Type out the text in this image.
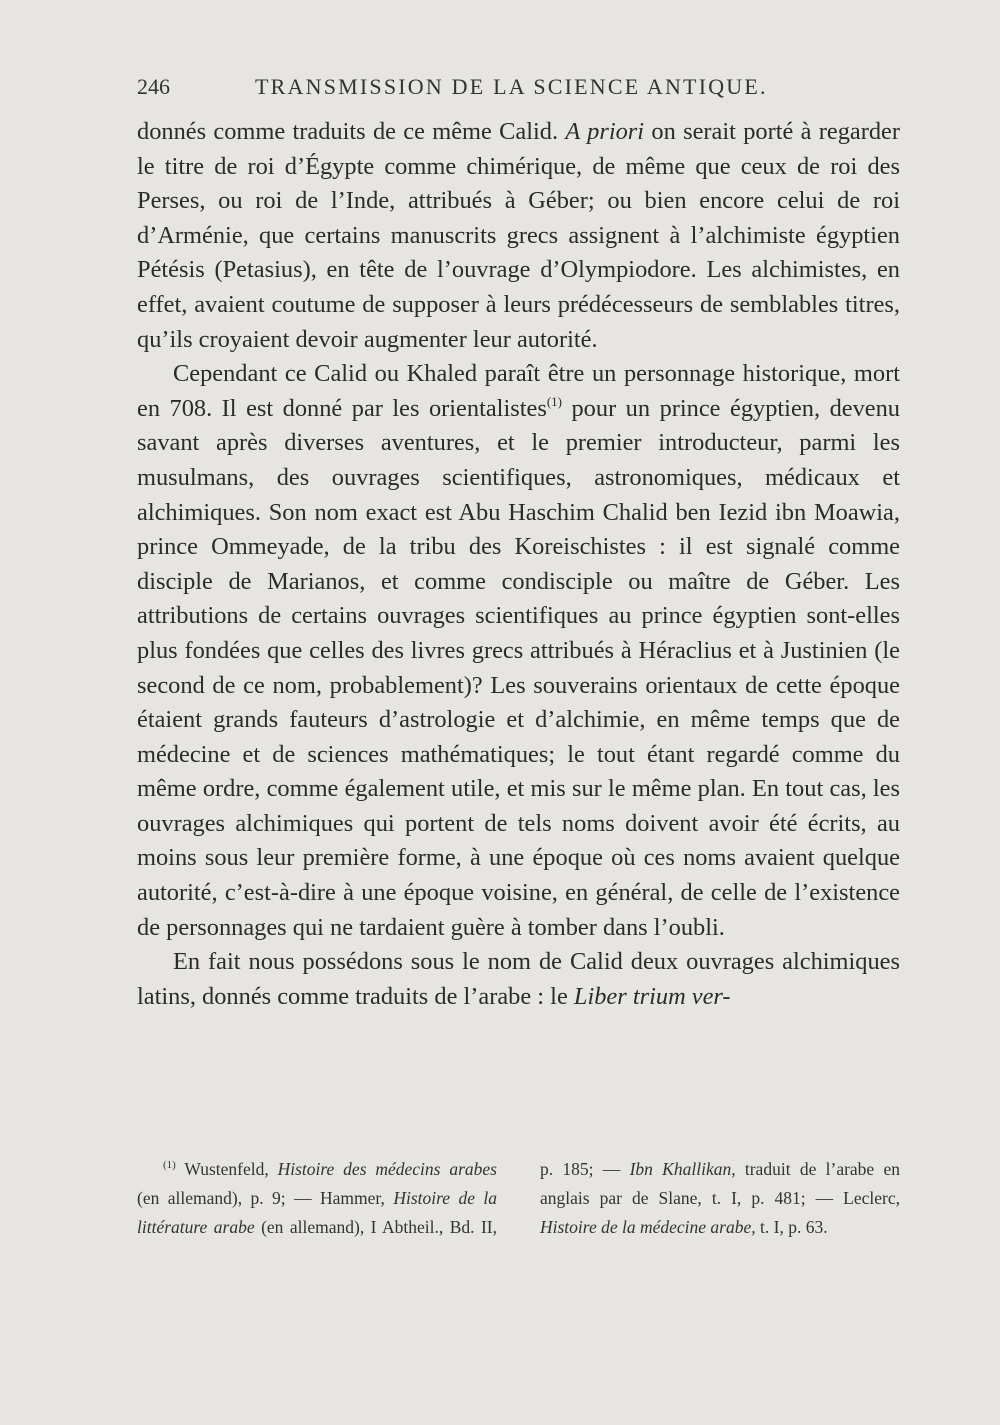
246	TRANSMISSION DE LA SCIENCE ANTIQUE.

donnés comme traduits de ce même Calid. A priori on serait porté à regarder le titre de roi d’Égypte comme chimérique, de même que ceux de roi des Perses, ou roi de l’Inde, attribués à Géber; ou bien encore celui de roi d’Arménie, que certains manuscrits grecs assignent à l’alchimiste égyptien Pétésis (Petasius), en tête de l’ouvrage d’Olympiodore. Les alchimistes, en effet, avaient coutume de supposer à leurs prédécesseurs de semblables titres, qu’ils croyaient devoir augmenter leur autorité.

Cependant ce Calid ou Khaled paraît être un personnage historique, mort en 708. Il est donné par les orientalistes$^{(1)}$ pour un prince égyptien, devenu savant après diverses aventures, et le premier introducteur, parmi les musulmans, des ouvrages scientifiques, astronomiques, médicaux et alchimiques. Son nom exact est Abu Haschim Chalid ben Iezid ibn Moawia, prince Ommeyade, de la tribu des Koreischistes : il est signalé comme disciple de Marianos, et comme condisciple ou maître de Géber. Les attributions de certains ouvrages scientifiques au prince égyptien sont-elles plus fondées que celles des livres grecs attribués à Héraclius et à Justinien (le second de ce nom, probablement)? Les souverains orientaux de cette époque étaient grands fauteurs d’astrologie et d’alchimie, en même temps que de médecine et de sciences mathématiques; le tout étant regardé comme du même ordre, comme également utile, et mis sur le même plan. En tout cas, les ouvrages alchimiques qui portent de tels noms doivent avoir été écrits, au moins sous leur première forme, à une époque où ces noms avaient quelque autorité, c’est-à-dire à une époque voisine, en général, de celle de l’existence de personnages qui ne tardaient guère à tomber dans l’oubli.

En fait nous possédons sous le nom de Calid deux ouvrages alchimiques latins, donnés comme traduits de l’arabe : le Liber trium ver-

$^{(1)}$ Wustenfeld, Histoire des médecins arabes (en allemand), p. 9; — Hammer, Histoire de la littérature arabe (en allemand), I Abtheil., Bd. II, p. 185; — Ibn Khallikan, traduit de l’arabe en anglais par de Slane, t. I, p. 481; — Leclerc, Histoire de la médecine arabe, t. I, p. 63.
